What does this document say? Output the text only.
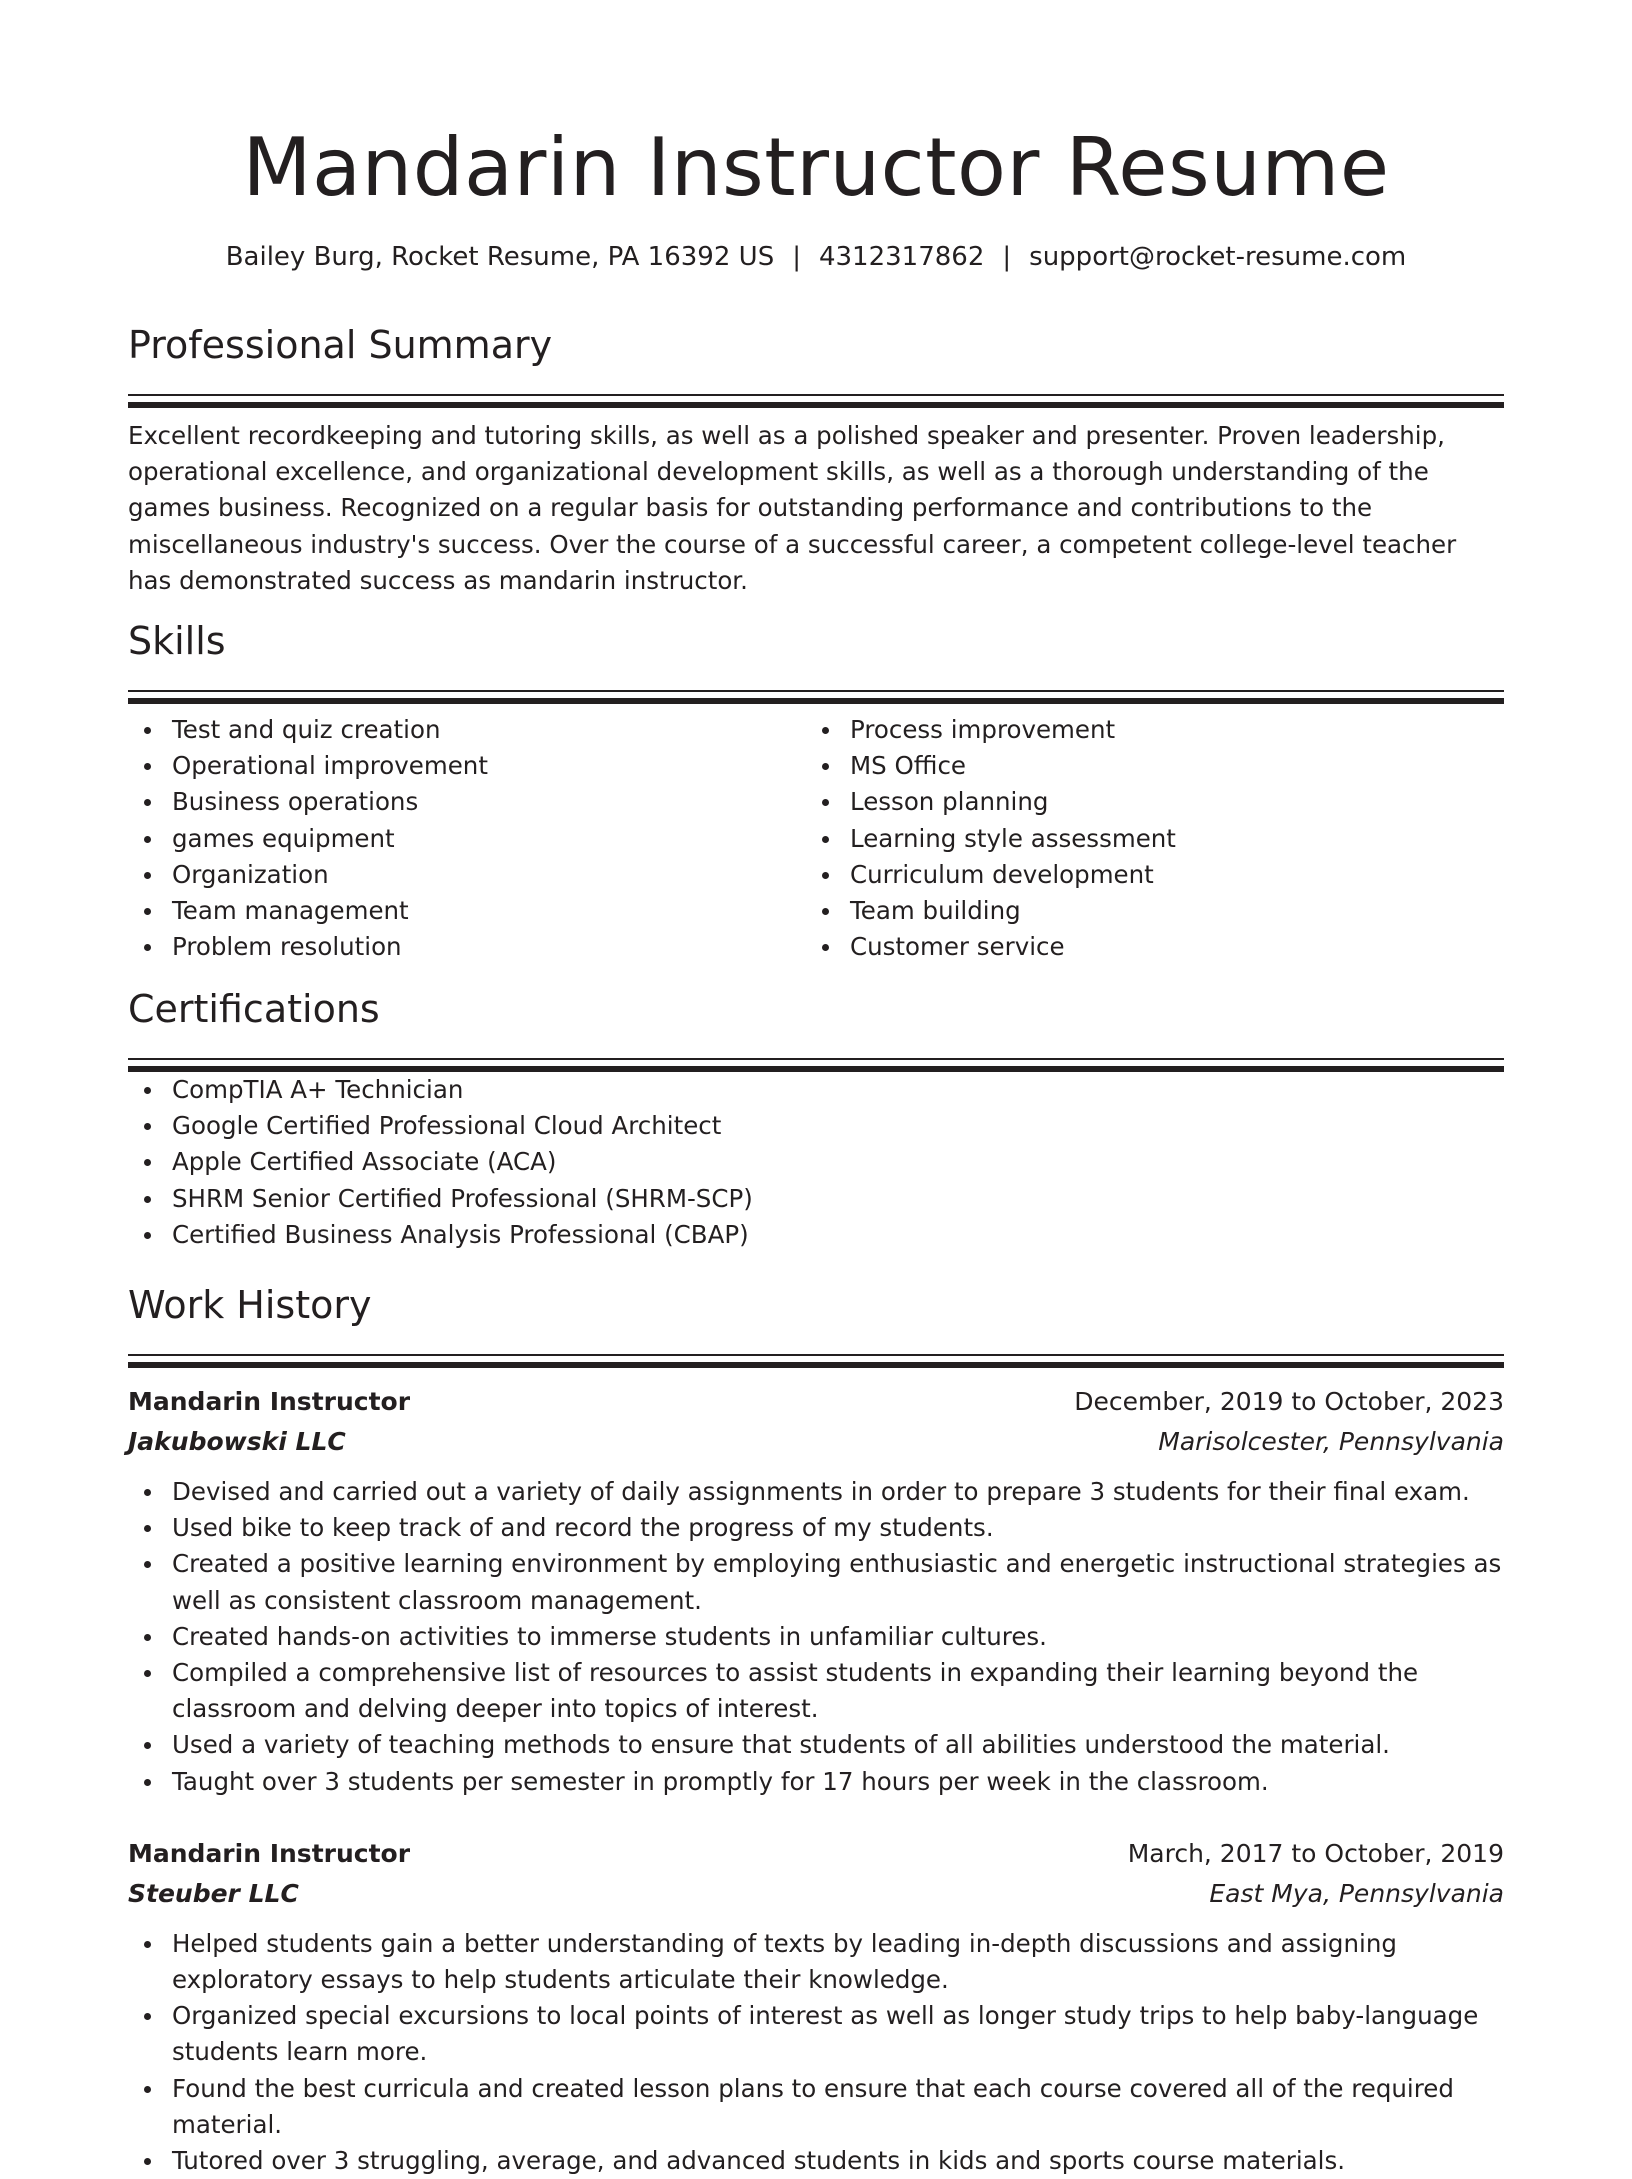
Mandarin Instructor Resume
Bailey Burg, Rocket Resume, PA 16392 US | 4312317862 | support@rocket-resume.com
Professional Summary
Excellent recordkeeping and tutoring skills, as well as a polished speaker and presenter. Proven leadership, operational excellence, and organizational development skills, as well as a thorough understanding of the games business. Recognized on a regular basis for outstanding performance and contributions to the miscellaneous industry's success. Over the course of a successful career, a competent college-level teacher has demonstrated success as mandarin instructor.
Skills
Test and quiz creation
Operational improvement
Business operations
games equipment
Organization
Team management
Problem resolution
Process improvement
MS Office
Lesson planning
Learning style assessment
Curriculum development
Team building
Customer service
Certifications
CompTIA A+ Technician
Google Certified Professional Cloud Architect
Apple Certified Associate (ACA)
SHRM Senior Certified Professional (SHRM-SCP)
Certified Business Analysis Professional (CBAP)
Work History
Mandarin Instructor	December, 2019 to October, 2023
Jakubowski LLC	Marisolcester, Pennsylvania
Devised and carried out a variety of daily assignments in order to prepare 3 students for their final exam.
Used bike to keep track of and record the progress of my students.
Created a positive learning environment by employing enthusiastic and energetic instructional strategies as well as consistent classroom management.
Created hands-on activities to immerse students in unfamiliar cultures.
Compiled a comprehensive list of resources to assist students in expanding their learning beyond the classroom and delving deeper into topics of interest.
Used a variety of teaching methods to ensure that students of all abilities understood the material.
Taught over 3 students per semester in promptly for 17 hours per week in the classroom.
Mandarin Instructor	March, 2017 to October, 2019
Steuber LLC	East Mya, Pennsylvania
Helped students gain a better understanding of texts by leading in-depth discussions and assigning exploratory essays to help students articulate their knowledge.
Organized special excursions to local points of interest as well as longer study trips to help baby-language students learn more.
Found the best curricula and created lesson plans to ensure that each course covered all of the required material.
Tutored over 3 struggling, average, and advanced students in kids and sports course materials.
